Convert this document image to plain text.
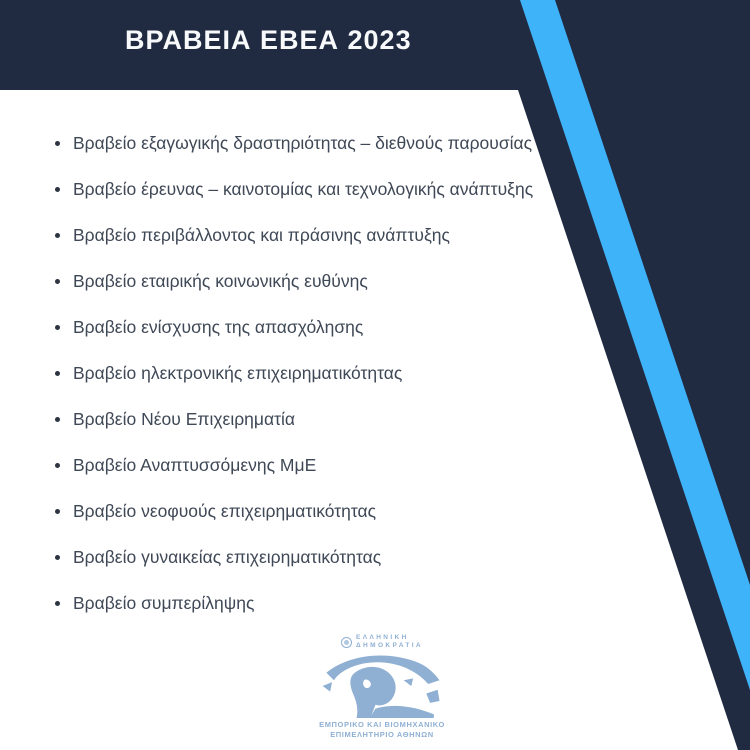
ΒΡΑΒΕΙΑ ΕΒΕΑ 2023
Βραβείο εξαγωγικής δραστηριότητας – διεθνούς παρουσίας
Βραβείο έρευνας – καινοτομίας και τεχνολογικής ανάπτυξης
Βραβείο περιβάλλοντος και πράσινης ανάπτυξης
Βραβείο εταιρικής κοινωνικής ευθύνης
Βραβείο ενίσχυσης της απασχόλησης
Βραβείο ηλεκτρονικής επιχειρηματικότητας
Βραβείο Νέου Επιχειρηματία
Βραβείο Αναπτυσσόμενης ΜμΕ
Βραβείο νεοφυούς επιχειρηματικότητας
Βραβείο γυναικείας επιχειρηματικότητας
Βραβείο συμπερίληψης
ΕΛΛΗΝΙΚΗ
ΔΗΜΟΚΡΑΤΙΑ
ΕΜΠΟΡΙΚΟ ΚΑΙ ΒΙΟΜΗΧΑΝΙΚΟ
ΕΠΙΜΕΛΗΤΗΡΙΟ ΑΘΗΝΩΝ
